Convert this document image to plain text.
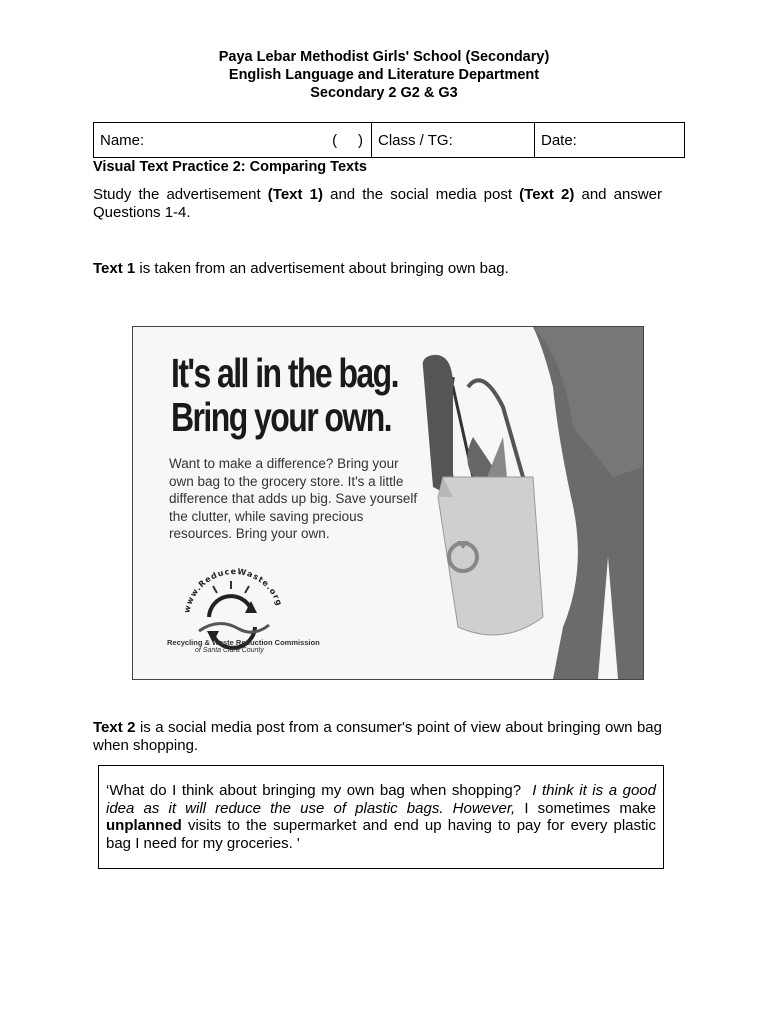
Paya Lebar Methodist Girls' School (Secondary)
English Language and Literature Department
Secondary 2 G2 & G3
Name:	(     )	Class / TG:	Date:
Visual Text Practice 2: Comparing Texts
Study the advertisement (Text 1) and the social media post (Text 2) and answer Questions 1-4.
Text 1 is taken from an advertisement about bringing own bag.
It's all in the bag.
Bring your own.
Want to make a difference? Bring your own bag to the grocery store. It's a little difference that adds up big. Save yourself the clutter, while saving precious resources. Bring your own.
www.ReduceWaste.org
Recycling & Waste Reduction Commission
of Santa Clara County
Text 2 is a social media post from a consumer's point of view about bringing own bag when shopping.
‘What do I think about bringing my own bag when shopping?  I think it is a good idea as it will reduce the use of plastic bags. However, I sometimes make unplanned visits to the supermarket and end up having to pay for every plastic bag I need for my groceries. '
